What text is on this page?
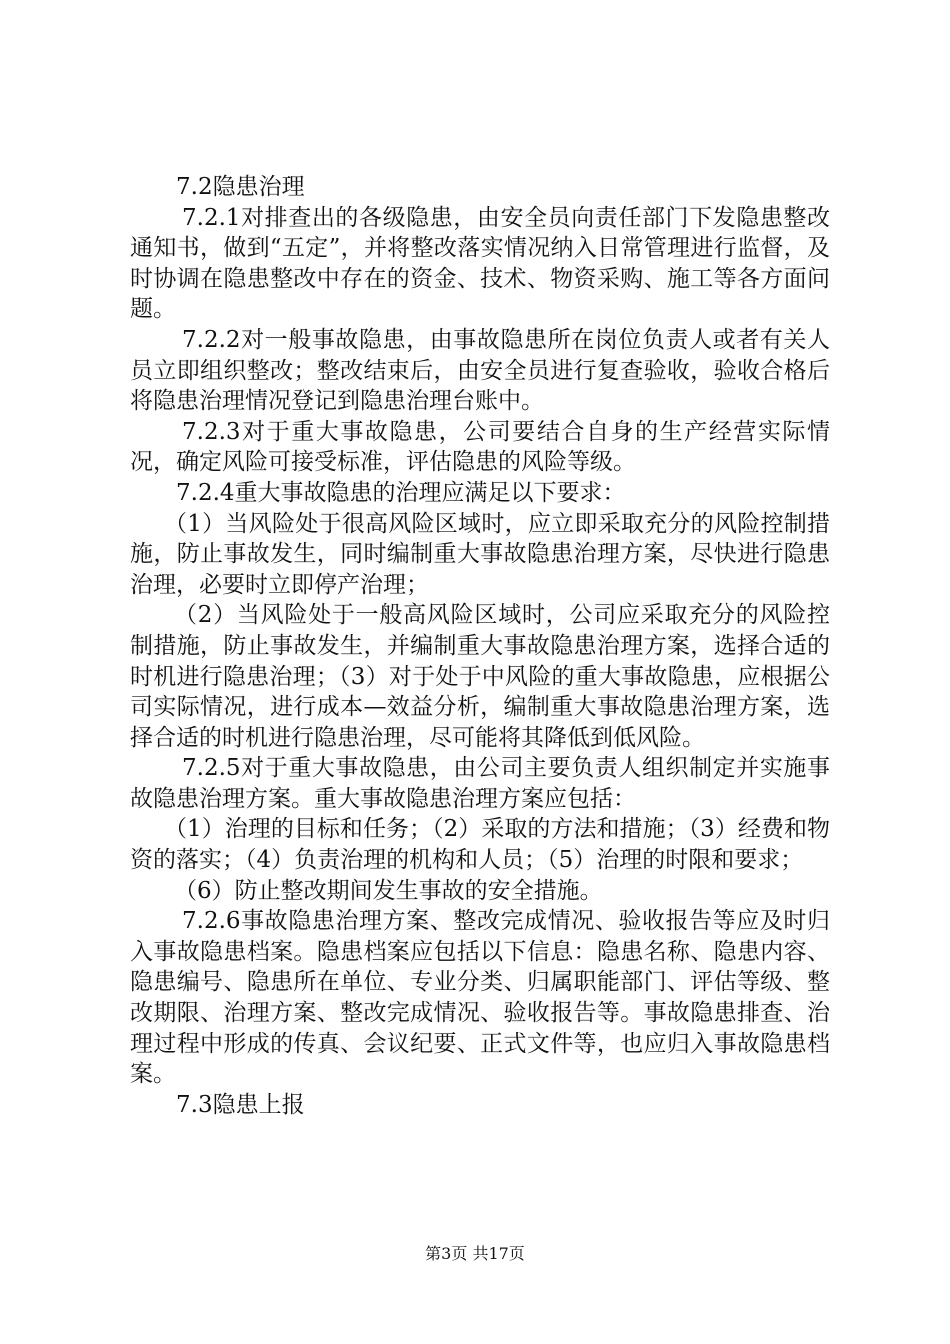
7.2隐患治理

7.2.1对排查出的各级隐患，由安全员向责任部门下发隐患整改通知书，做到“五定”，并将整改落实情况纳入日常管理进行监督，及时协调在隐患整改中存在的资金、技术、物资采购、施工等各方面问题。

7.2.2对一般事故隐患，由事故隐患所在岗位负责人或者有关人员立即组织整改；整改结束后，由安全员进行复查验收，验收合格后将隐患治理情况登记到隐患治理台账中。

7.2.3对于重大事故隐患，公司要结合自身的生产经营实际情况，确定风险可接受标准，评估隐患的风险等级。

7.2.4重大事故隐患的治理应满足以下要求：

（1）当风险处于很高风险区域时，应立即采取充分的风险控制措施，防止事故发生，同时编制重大事故隐患治理方案，尽快进行隐患治理，必要时立即停产治理；

（2）当风险处于一般高风险区域时，公司应采取充分的风险控制措施，防止事故发生，并编制重大事故隐患治理方案，选择合适的时机进行隐患治理；（3）对于处于中风险的重大事故隐患，应根据公司实际情况，进行成本—效益分析，编制重大事故隐患治理方案，选择合适的时机进行隐患治理，尽可能将其降低到低风险。

7.2.5对于重大事故隐患，由公司主要负责人组织制定并实施事故隐患治理方案。重大事故隐患治理方案应包括：

（1）治理的目标和任务；（2）采取的方法和措施；（3）经费和物资的落实；（4）负责治理的机构和人员；（5）治理的时限和要求；

（6）防止整改期间发生事故的安全措施。

7.2.6事故隐患治理方案、整改完成情况、验收报告等应及时归入事故隐患档案。隐患档案应包括以下信息：隐患名称、隐患内容、隐患编号、隐患所在单位、专业分类、归属职能部门、评估等级、整改期限、治理方案、整改完成情况、验收报告等。事故隐患排查、治理过程中形成的传真、会议纪要、正式文件等，也应归入事故隐患档案。

7.3隐患上报

第3页 共17页
